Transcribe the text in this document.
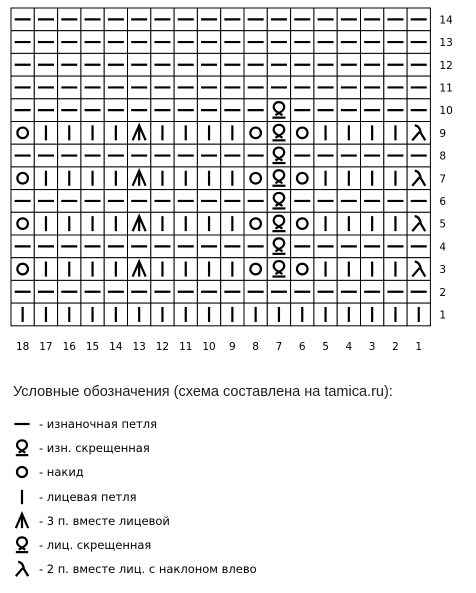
14
13
12
11
10
9
8
7
6
5
4
3
2
1
18 17 16 15 14 13 12 11 10 9 8 7 6 5 4 3 2 1
Условные обозначения (схема составлена на tamica.ru):
- изнаночная петля
- изн. скрещенная
- накид
- лицевая петля
- 3 п. вместе лицевой
- лиц. скрещенная
- 2 п. вместе лиц. с наклоном влево
